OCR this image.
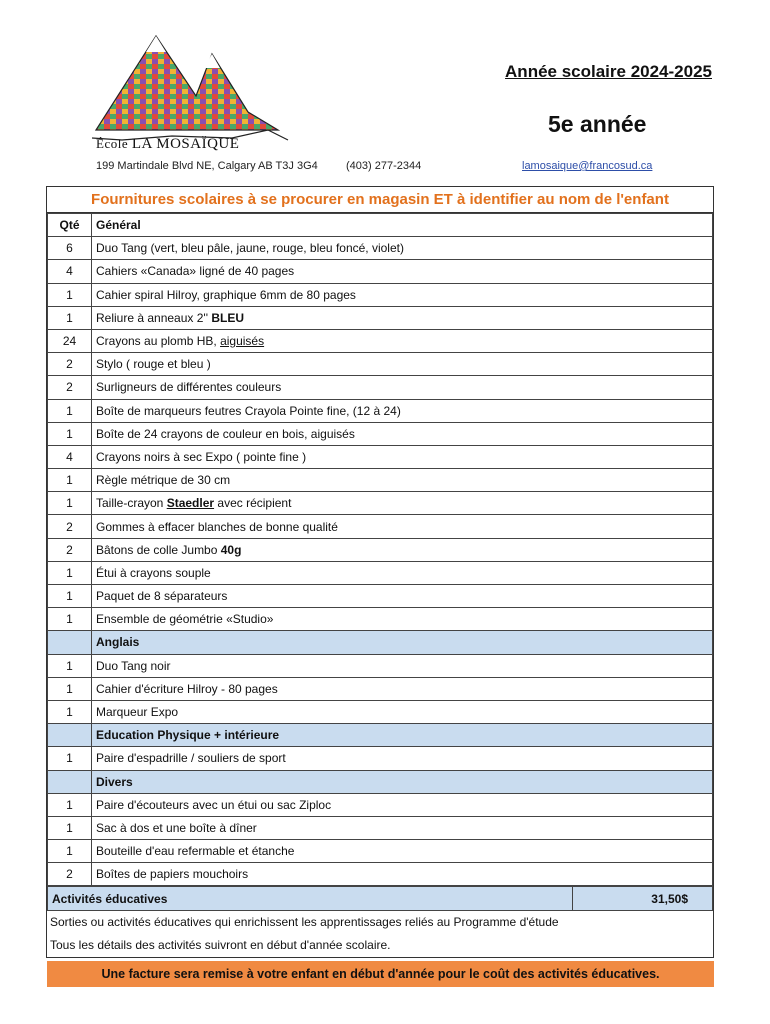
École LA MOSAÏQUE
199 Martindale Blvd NE, Calgary AB T3J 3G4	(403) 277-2344	lamosaique@francosud.ca
Année scolaire 2024-2025
5e année
Fournitures scolaires à se procurer en magasin ET à identifier au nom de l'enfant
Qté	Général
6	Duo Tang (vert, bleu pâle, jaune, rouge, bleu foncé, violet)
4	Cahiers «Canada» ligné de 40 pages
1	Cahier spiral Hilroy, graphique 6mm de 80 pages
1	Reliure à anneaux 2'' BLEU
24	Crayons au plomb HB, aiguisés
2	Stylo ( rouge et bleu )
2	Surligneurs de différentes couleurs
1	Boîte de marqueurs feutres Crayola Pointe fine, (12 à 24)
1	Boîte de 24 crayons de couleur en bois, aiguisés
4	Crayons noirs à sec Expo ( pointe fine )
1	Règle métrique de 30 cm
1	Taille-crayon Staedler avec récipient
2	Gommes à effacer blanches de bonne qualité
2	Bâtons de colle Jumbo 40g
1	Étui à crayons souple
1	Paquet de 8 séparateurs
1	Ensemble de géométrie «Studio»
	Anglais
1	Duo Tang noir
1	Cahier d'écriture Hilroy - 80 pages
1	Marqueur Expo
	Education Physique + intérieure
1	Paire d'espadrille / souliers de sport
	Divers
1	Paire d'écouteurs avec un étui ou sac Ziploc
1	Sac à dos et une boîte à dîner
1	Bouteille d'eau refermable et étanche
2	Boîtes de papiers mouchoirs
Activités éducatives	31,50$
Sorties ou activités éducatives qui enrichissent les apprentissages reliés au Programme d'étude
Tous les détails des activités suivront en début d'année scolaire.
Une facture sera remise à votre enfant en début d'année pour le coût des activités éducatives.
